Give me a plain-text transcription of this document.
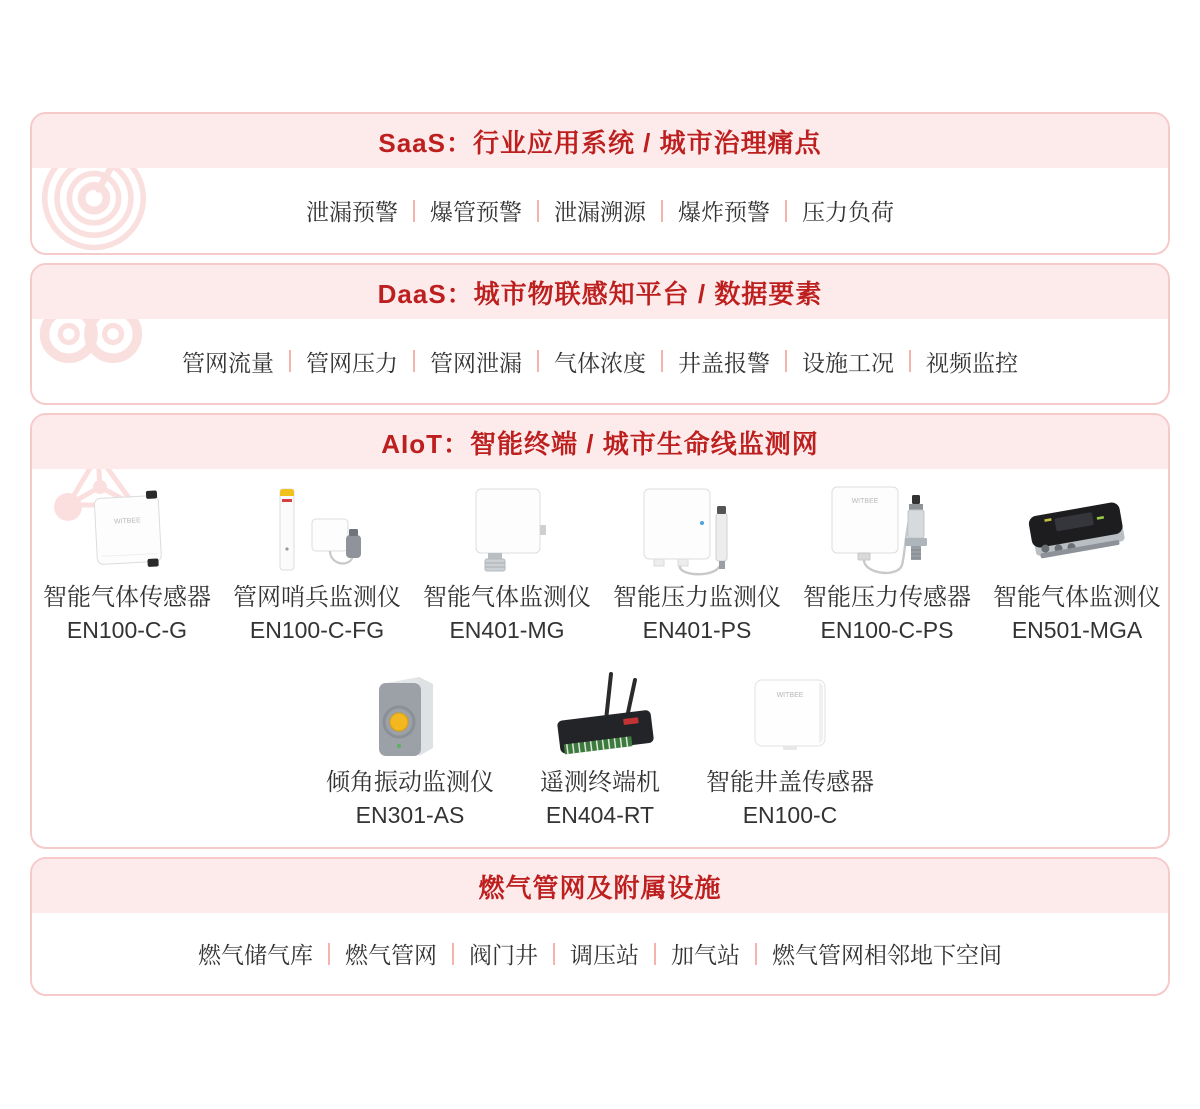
SaaS：行业应用系统 / 城市治理痛点
泄漏预警 爆管预警 泄漏溯源 爆炸预警 压力负荷
DaaS：城市物联感知平台 / 数据要素
管网流量 管网压力 管网泄漏 气体浓度 井盖报警 设施工况 视频监控
AIoT：智能终端 / 城市生命线监测网
WITBEE
智能气体传感器
EN100-C-G
管网哨兵监测仪
EN100-C-FG
智能气体监测仪
EN401-MG
智能压力监测仪
EN401-PS
WITBEE
智能压力传感器
EN100-C-PS
智能气体监测仪
EN501-MGA
倾角振动监测仪
EN301-AS
遥测终端机
EN404-RT
WITBEE
智能井盖传感器
EN100-C
燃气管网及附属设施
燃气储气库 燃气管网 阀门井 调压站 加气站 燃气管网相邻地下空间
